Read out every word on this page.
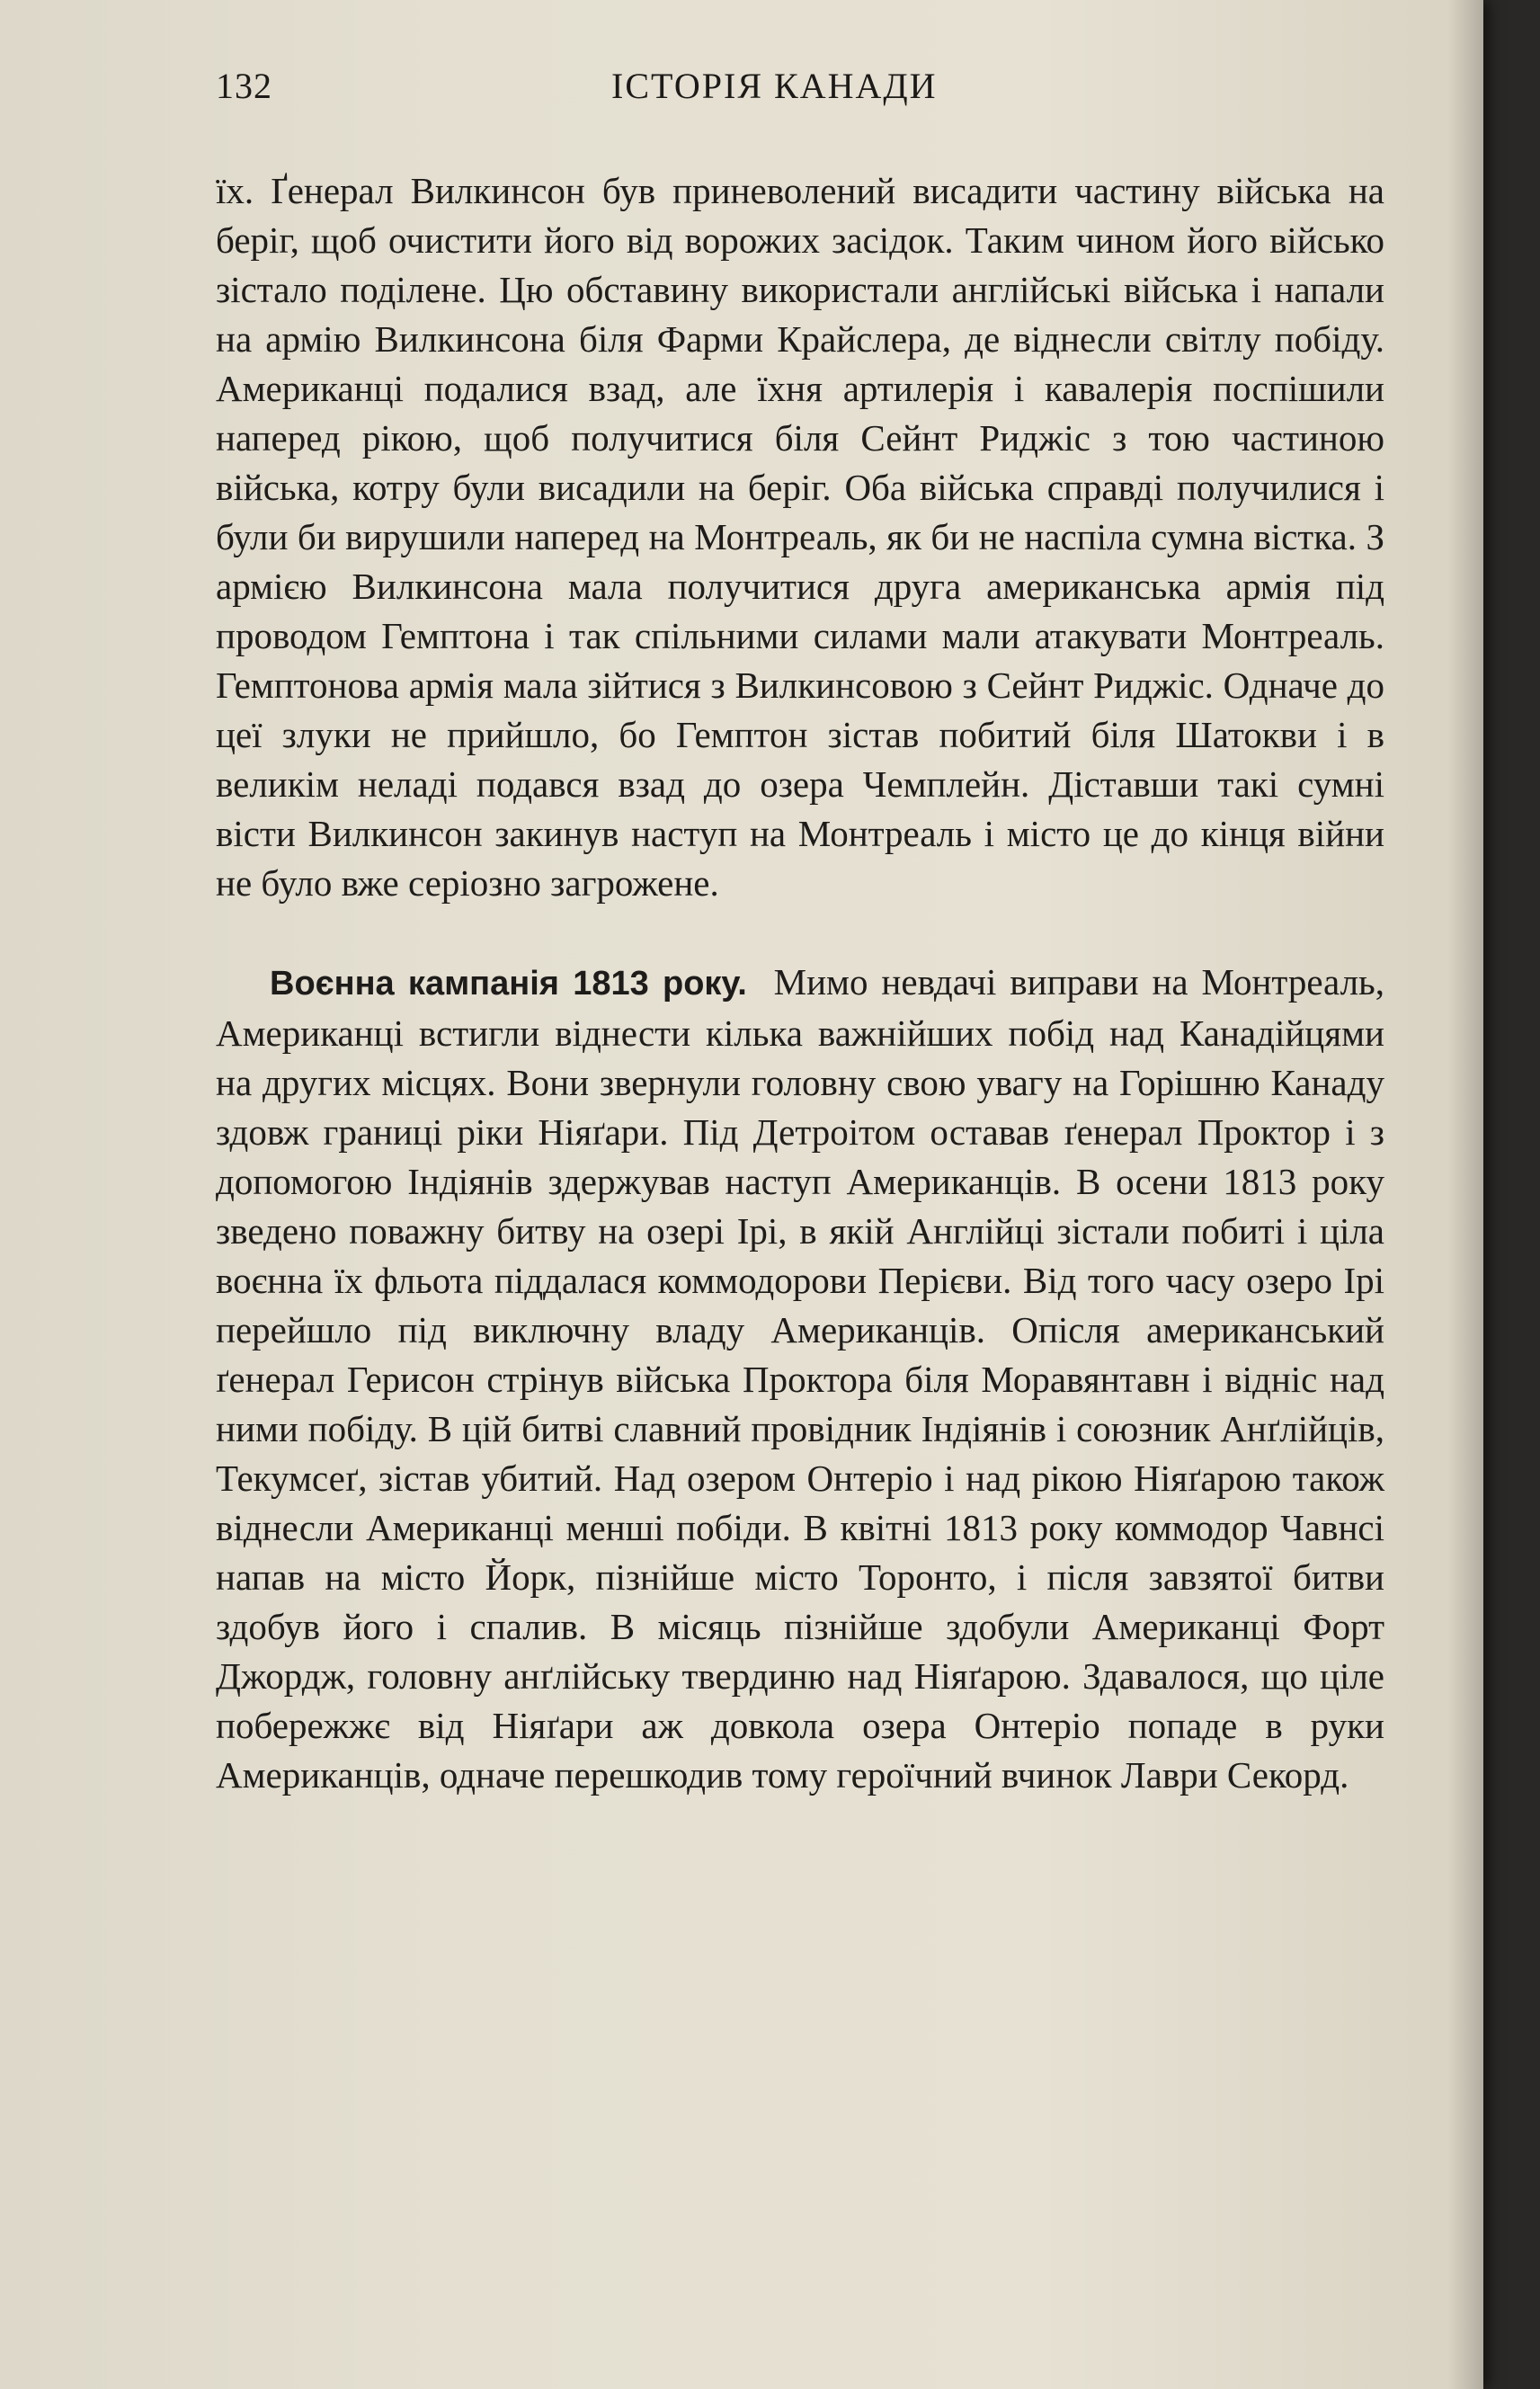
132	ІСТОРІЯ КАНАДИ

їх. Ґенерал Вилкинсон був приневолений висадити частину війська на беріг, щоб очистити його від ворожих засідок. Таким чином його військо зістало поділене. Цю обставину використали англійські війська і напали на армію Вилкинсона біля Фарми Крайслера, де віднесли світлу побіду. Американці подалися взад, але їхня артилерія і кавалерія поспішили наперед рікою, щоб получитися біля Сейнт Риджіс з тою частиною війська, котру були висадили на беріг. Оба війська справді получилися і були би вирушили наперед на Монтреаль, як би не наспіла сумна вістка. З армією Вилкинсона мала получитися друга американська армія під проводом Гемптона і так спільними силами мали атакувати Монтреаль. Гемптонова армія мала зійтися з Вилкинсовою з Сейнт Риджіс. Одначе до цеї злуки не прийшло, бо Гемптон зістав побитий біля Шатокви і в великім неладі подався взад до озера Чемплейн. Діставши такі сумні вісти Вилкинсон закинув наступ на Монтреаль і місто це до кінця війни не було вже серіозно загрожене.

Воєнна кампанія 1813 року. Мимо невдачі виправи на Монтреаль, Американці встигли віднести кілька важнійших побід над Канадійцями на других місцях. Вони звернули головну свою увагу на Горішню Канаду здовж границі ріки Ніяґари. Під Детроітом оставав ґенерал Проктор і з допомогою Індіянів здержував наступ Американців. В осени 1813 року зведено поважну битву на озері Ірі, в якій Англійці зістали побиті і ціла воєнна їх фльота піддалася коммодорови Перієви. Від того часу озеро Ірі перейшло під виключну владу Американців. Опісля американський ґенерал Герисон стрінув війська Проктора біля Моравянтавн і відніс над ними побіду. В цій битві славний провідник Індіянів і союзник Анґлійців, Текумсеґ, зістав убитий. Над озером Онтеріо і над рікою Ніяґарою також віднесли Американці менші побіди. В квітні 1813 року коммодор Чавнсі напав на місто Йорк, пізнійше місто Торонто, і після завзятої битви здобув його і спалив. В місяць пізнійше здобули Американці Форт Джордж, головну анґлійську твердиню над Ніяґарою. Здавалося, що ціле побережжє від Ніяґари аж довкола озера Онтеріо попаде в руки Американців, одначе перешкодив тому героїчний вчинок Лаври Секорд.
